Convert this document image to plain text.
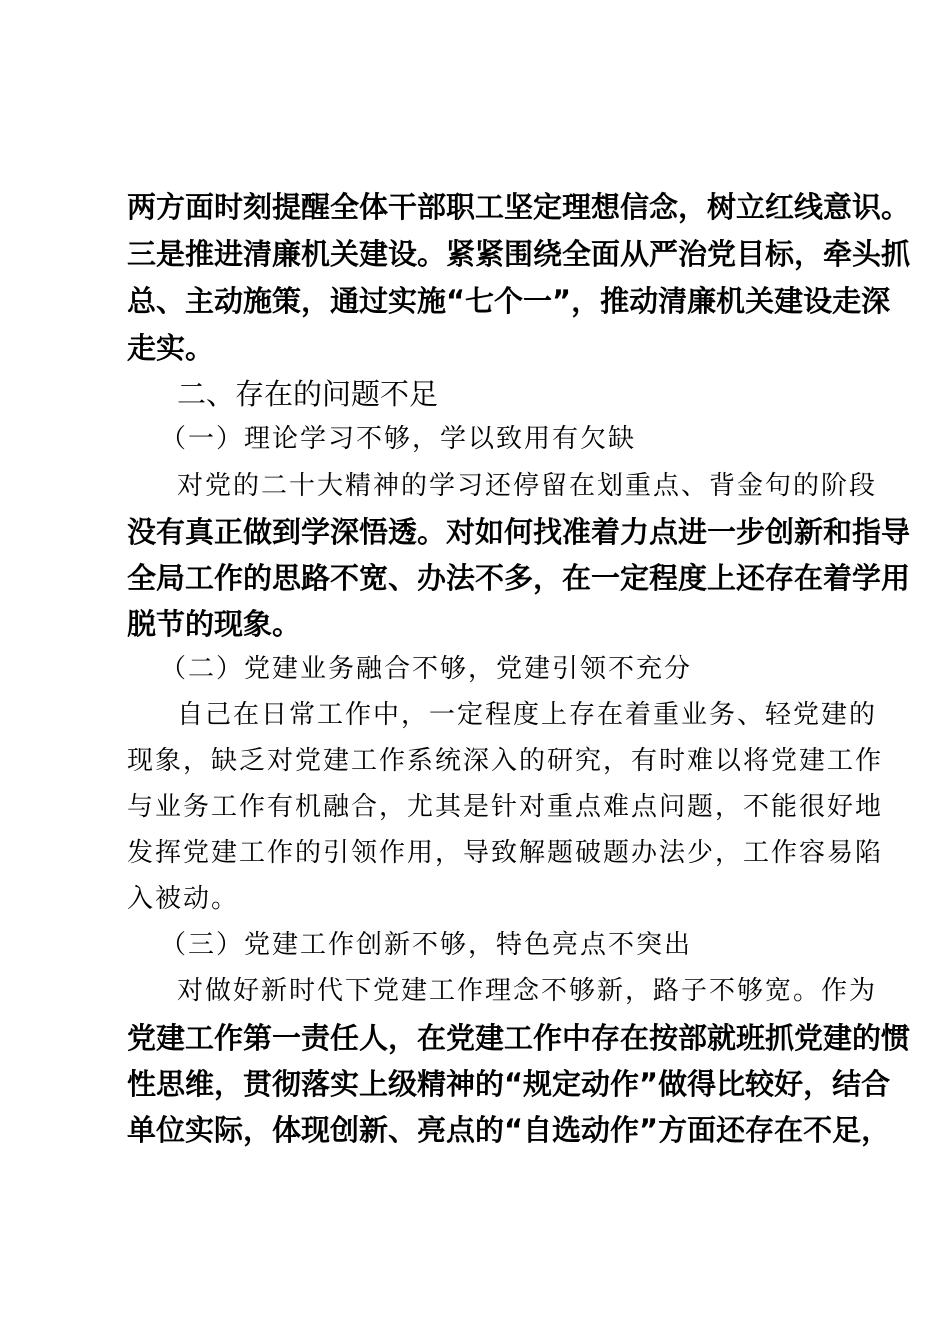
两方面时刻提醒全体干部职工坚定理想信念，树立红线意识。
三是推进清廉机关建设。紧紧围绕全面从严治党目标，牵头抓
总、主动施策，通过实施“七个一”，推动清廉机关建设走深
走实。
二、存在的问题不足
（一）理论学习不够，学以致用有欠缺
对党的二十大精神的学习还停留在划重点、背金句的阶段
没有真正做到学深悟透。对如何找准着力点进一步创新和指导
全局工作的思路不宽、办法不多，在一定程度上还存在着学用
脱节的现象。
（二）党建业务融合不够，党建引领不充分
自己在日常工作中，一定程度上存在着重业务、轻党建的
现象，缺乏对党建工作系统深入的研究，有时难以将党建工作
与业务工作有机融合，尤其是针对重点难点问题，不能很好地
发挥党建工作的引领作用，导致解题破题办法少，工作容易陷
入被动。
（三）党建工作创新不够，特色亮点不突出
对做好新时代下党建工作理念不够新，路子不够宽。作为
党建工作第一责任人，在党建工作中存在按部就班抓党建的惯
性思维，贯彻落实上级精神的“规定动作”做得比较好，结合
单位实际，体现创新、亮点的“自选动作”方面还存在不足，
